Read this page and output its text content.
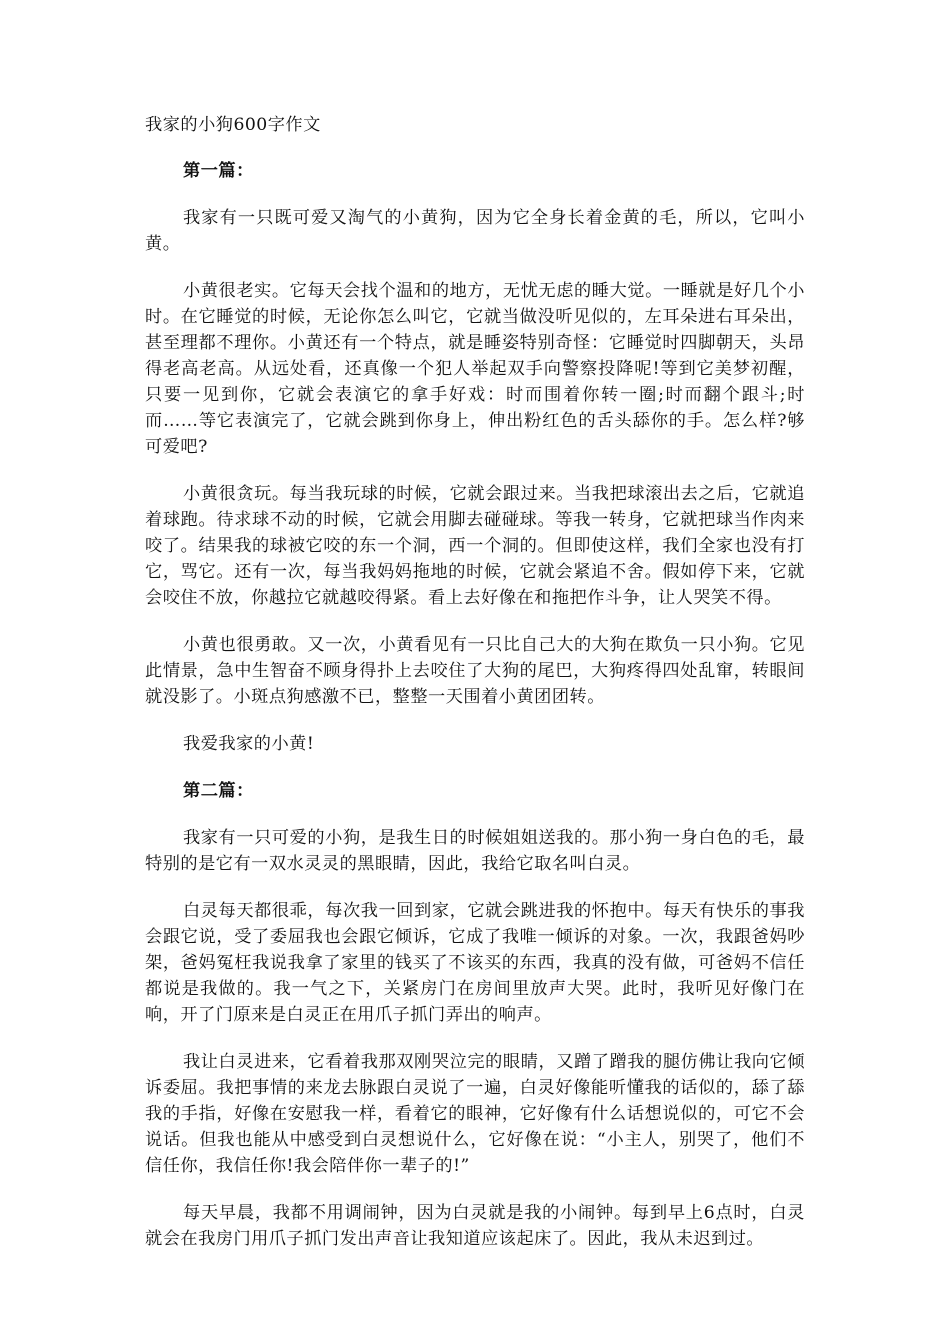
我家的小狗600字作文
第一篇：

我家有一只既可爱又淘气的小黄狗，因为它全身长着金黄的毛，所以，它叫小黄。

小黄很老实。它每天会找个温和的地方，无忧无虑的睡大觉。一睡就是好几个小时。在它睡觉的时候，无论你怎么叫它，它就当做没听见似的，左耳朵进右耳朵出，甚至理都不理你。小黄还有一个特点，就是睡姿特别奇怪：它睡觉时四脚朝天，头昂得老高老高。从远处看，还真像一个犯人举起双手向警察投降呢!等到它美梦初醒，只要一见到你，它就会表演它的拿手好戏：时而围着你转一圈;时而翻个跟斗;时而……等它表演完了，它就会跳到你身上，伸出粉红色的舌头舔你的手。怎么样?够可爱吧?

小黄很贪玩。每当我玩球的时候，它就会跟过来。当我把球滚出去之后，它就追着球跑。待求球不动的时候，它就会用脚去碰碰球。等我一转身，它就把球当作肉来咬了。结果我的球被它咬的东一个洞，西一个洞的。但即使这样，我们全家也没有打它，骂它。还有一次，每当我妈妈拖地的时候，它就会紧追不舍。假如停下来，它就会咬住不放，你越拉它就越咬得紧。看上去好像在和拖把作斗争，让人哭笑不得。

小黄也很勇敢。又一次，小黄看见有一只比自己大的大狗在欺负一只小狗。它见此情景，急中生智奋不顾身得扑上去咬住了大狗的尾巴，大狗疼得四处乱窜，转眼间就没影了。小斑点狗感激不已，整整一天围着小黄团团转。

我爱我家的小黄!

第二篇：

我家有一只可爱的小狗，是我生日的时候姐姐送我的。那小狗一身白色的毛，最特别的是它有一双水灵灵的黑眼睛，因此，我给它取名叫白灵。

白灵每天都很乖，每次我一回到家，它就会跳进我的怀抱中。每天有快乐的事我会跟它说，受了委屈我也会跟它倾诉，它成了我唯一倾诉的对象。一次，我跟爸妈吵架，爸妈冤枉我说我拿了家里的钱买了不该买的东西，我真的没有做，可爸妈不信任都说是我做的。我一气之下，关紧房门在房间里放声大哭。此时，我听见好像门在响，开了门原来是白灵正在用爪子抓门弄出的响声。

我让白灵进来，它看着我那双刚哭泣完的眼睛，又蹭了蹭我的腿仿佛让我向它倾诉委屈。我把事情的来龙去脉跟白灵说了一遍，白灵好像能听懂我的话似的，舔了舔我的手指，好像在安慰我一样，看着它的眼神，它好像有什么话想说似的，可它不会说话。但我也能从中感受到白灵想说什么，它好像在说：“小主人，别哭了，他们不信任你，我信任你!我会陪伴你一辈子的!”

每天早晨，我都不用调闹钟，因为白灵就是我的小闹钟。每到早上6点时，白灵就会在我房门用爪子抓门发出声音让我知道应该起床了。因此，我从未迟到过。
